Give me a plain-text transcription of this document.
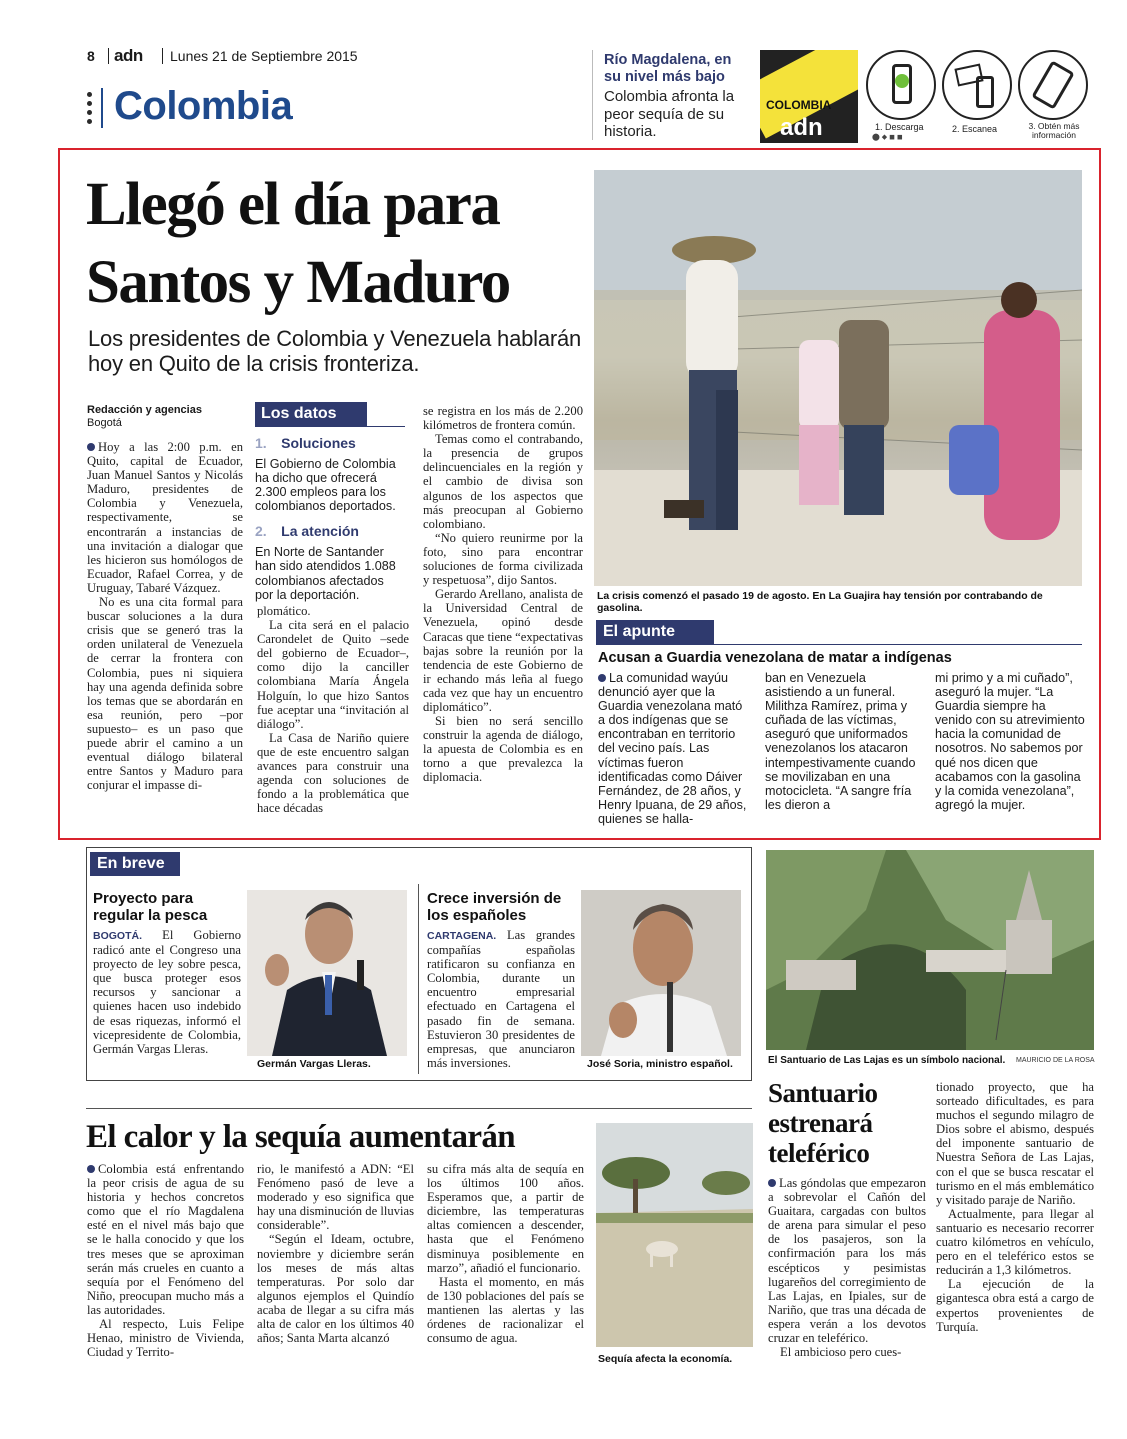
8 adn Lunes 21 de Septiembre 2015
Colombia
Río Magdalena, en su nivel más bajo
Colombia afronta la peor sequía de su historia.
COLOMBIA
adn	1. Descarga
⬤ ◆ ◼ ◼
2. Escanea	3. Obtén más información
Llegó el día para Santos y Maduro
Los presidentes de Colombia y Venezuela hablarán hoy en Quito de la crisis fronteriza.
Redacción y agencias
Bogotá

Hoy a las 2:00 p.m. en Quito, capital de Ecuador, Juan Manuel Santos y Nicolás Maduro, presidentes de Colombia y Venezuela, respectivamente, se encontrarán a instancias de una invitación a dialogar que les hicieron sus homólogos de Ecuador, Rafael Correa, y de Uruguay, Tabaré Vázquez.

No es una cita formal para buscar soluciones a la dura crisis que se generó tras la orden unilateral de Venezuela de cerrar la frontera con Colombia, pues ni siquiera hay una agenda definida sobre los temas que se abordarán en esa reunión, pero –por supuesto– es un paso que puede abrir el camino a un eventual diálogo bilateral entre Santos y Maduro para conjurar el impasse di-

Los datos
1. Soluciones
El Gobierno de Colombia ha dicho que ofrecerá 2.300 empleos para los colombianos deportados.
2. La atención
En Norte de Santander han sido atendidos 1.088 colombianos afectados por la deportación.

plomático.

La cita será en el palacio Carondelet de Quito –sede del gobierno de Ecuador–, como dijo la canciller colombiana María Ángela Holguín, lo que hizo Santos fue aceptar una “invitación al diálogo”.

La Casa de Nariño quiere que de este encuentro salgan avances para construir una agenda con soluciones de fondo a la problemática que hace décadas

se registra en los más de 2.200 kilómetros de frontera común.

Temas como el contrabando, la presencia de grupos delincuenciales en la región y el cambio de divisa son algunos de los aspectos que más preocupan al Gobierno colombiano.

“No quiero reunirme por la foto, sino para encontrar soluciones de forma civilizada y respetuosa”, dijo Santos.

Gerardo Arellano, analista de la Universidad Central de Venezuela, opinó desde Caracas que tiene “expectativas bajas sobre la reunión por la tendencia de este Gobierno de ir echando más leña al fuego cada vez que hay un encuentro diplomático”.

Si bien no será sencillo construir la agenda de diálogo, la apuesta de Colombia es en torno a que prevalezca la diplomacia.

La crisis comenzó el pasado 19 de agosto. En La Guajira hay tensión por contrabando de gasolina.
El apunte
Acusan a Guardia venezolana de matar a indígenas

La comunidad wayúu denunció ayer que la Guardia venezolana mató a dos indígenas que se encontraban en territorio del vecino país. Las víctimas fueron identificadas como Dáiver Fernández, de 28 años, y Henry Ipuana, de 29 años, quienes se halla-

ban en Venezuela asistiendo a un funeral. Milithza Ramírez, prima y cuñada de las víctimas, aseguró que uniformados venezolanos los atacaron intempestivamente cuando se movilizaban en una motocicleta. “A sangre fría les dieron a

mi primo y a mi cuñado”, aseguró la mujer. “La Guardia siempre ha venido con su atrevimiento hacia la comunidad de nosotros. No sabemos por qué nos dicen que acabamos con la gasolina y la comida venezolana”, agregó la mujer.

En breve
Proyecto para regular la pesca
BOGOTÁ. El Gobierno radicó ante el Congreso una proyecto de ley sobre pesca, que busca proteger esos recursos y sancionar a quienes hacen uso indebido de esas riquezas, informó el vicepresidente de Colombia, Germán Vargas Lleras.
Germán Vargas Lleras.
Crece inversión de los españoles
CARTAGENA. Las grandes compañías españolas ratificaron su confianza en Colombia, durante un encuentro empresarial efectuado en Cartagena el pasado fin de semana. Estuvieron 30 presidentes de empresas, que anunciaron más inversiones.	José Soria, ministro español.	El Santuario de Las Lajas es un símbolo nacional. MAURICIO DE LA ROSA
Santuario estrenará teleférico

Las góndolas que empezaron a sobrevolar el Cañón del Guaitara, cargadas con bultos de arena para simular el peso de los pasajeros, son la confirmación para los más escépticos y pesimistas lugareños del corregimiento de Las Lajas, en Ipiales, sur de Nariño, que tras una década de espera verán a los devotos cruzar en teleférico.

El ambicioso pero cues-

tionado proyecto, que ha sorteado dificultades, es para muchos el segundo milagro de Dios sobre el abismo, después del imponente santuario de Nuestra Señora de Las Lajas, con el que se busca rescatar el turismo en el más emblemático y visitado paraje de Nariño.

Actualmente, para llegar al santuario es necesario recorrer cuatro kilómetros en vehículo, pero en el teleférico estos se reducirán a 1,3 kilómetros.

La ejecución de la gigantesca obra está a cargo de expertos provenientes de Turquía.

El calor y la sequía aumentarán

Colombia está enfrentando la peor crisis de agua de su historia y hechos concretos como que el río Magdalena esté en el nivel más bajo que se le halla conocido y que los tres meses que se aproximan serán más crueles en cuanto a sequía por el Fenómeno del Niño, preocupan mucho más a las autoridades.

Al respecto, Luis Felipe Henao, ministro de Vivienda, Ciudad y Territo-

rio, le manifestó a ADN: “El Fenómeno pasó de leve a moderado y eso significa que hay una disminución de lluvias considerable”.

“Según el Ideam, octubre, noviembre y diciembre serán los meses de más altas temperaturas. Por solo dar algunos ejemplos el Quindío acaba de llegar a su cifra más alta de calor en los últimos 40 años; Santa Marta alcanzó

su cifra más alta de sequía en los últimos 100 años. Esperamos que, a partir de diciembre, las temperaturas altas comiencen a descender, hasta que el Fenómeno disminuya posiblemente en marzo”, añadió el funcionario.

Hasta el momento, en más de 130 poblaciones del país se mantienen las alertas y las órdenes de racionalizar el consumo de agua.

Sequía afecta la economía.
